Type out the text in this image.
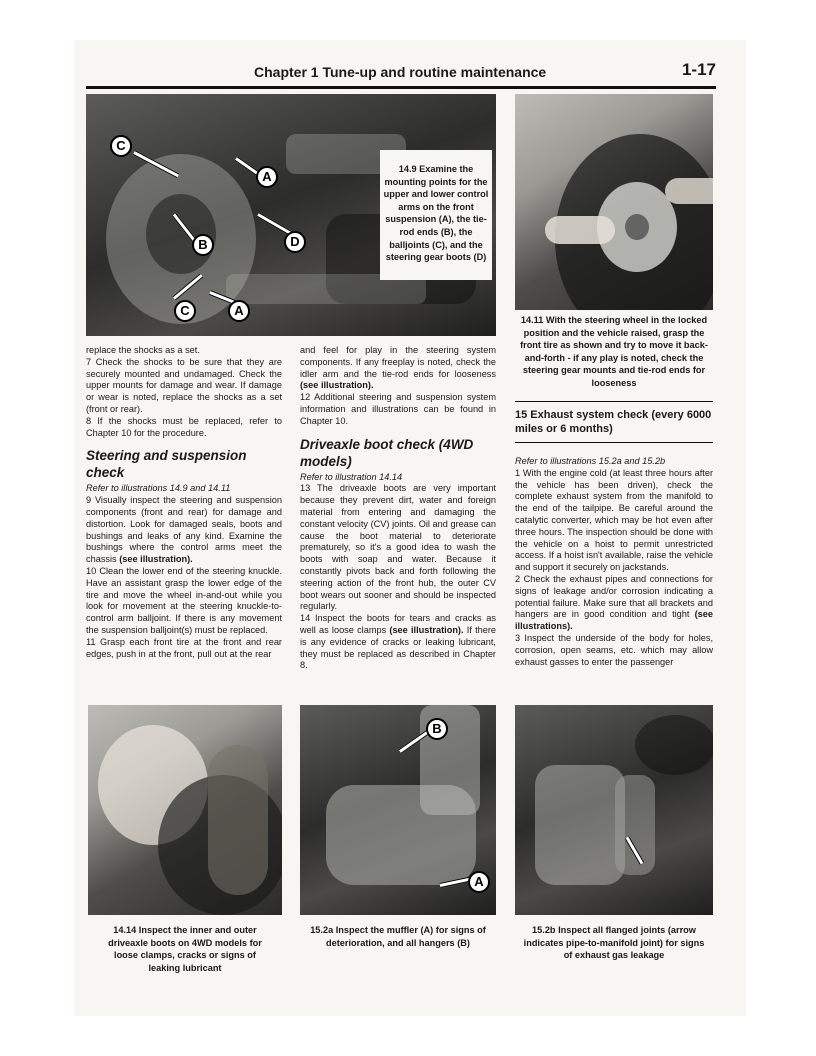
Chapter 1 Tune-up and routine maintenance	1-17
C
A
B	D
C	A
14.9 Examine the mounting points for the upper and lower control arms on the front suspension (A), the tie-rod ends (B), the balljoints (C), and the steering gear boots (D)
14.11 With the steering wheel in the locked position and the vehicle raised, grasp the front tire as shown and try to move it back-and-forth - if any play is noted, check the steering gear mounts and tie-rod ends for looseness

replace the shocks as a set.

7 Check the shocks to be sure that they are securely mounted and undamaged. Check the upper mounts for damage and wear. If damage or wear is noted, replace the shocks as a set (front or rear).

8 If the shocks must be replaced, refer to Chapter 10 for the procedure.

Steering and suspension check

Refer to illustrations 14.9 and 14.11

9 Visually inspect the steering and suspension components (front and rear) for damage and distortion. Look for damaged seals, boots and bushings and leaks of any kind. Examine the bushings where the control arms meet the chassis (see illustration).

10 Clean the lower end of the steering knuckle. Have an assistant grasp the lower edge of the tire and move the wheel in-and-out while you look for movement at the steering knuckle-to-control arm balljoint. If there is any movement the suspension balljoint(s) must be replaced.

11 Grasp each front tire at the front and rear edges, push in at the front, pull out at the rear

and feel for play in the steering system components. If any freeplay is noted, check the idler arm and the tie-rod ends for looseness (see illustration).

12 Additional steering and suspension system information and illustrations can be found in Chapter 10.

Driveaxle boot check (4WD models)

Refer to illustration 14.14

13 The driveaxle boots are very important because they prevent dirt, water and foreign material from entering and damaging the constant velocity (CV) joints. Oil and grease can cause the boot material to deteriorate prematurely, so it's a good idea to wash the boots with soap and water. Because it constantly pivots back and forth following the steering action of the front hub, the outer CV boot wears out sooner and should be inspected regularly.

14 Inspect the boots for tears and cracks as well as loose clamps (see illustration). If there is any evidence of cracks or leaking lubricant, they must be replaced as described in Chapter 8.

15 Exhaust system check (every 6000 miles or 6 months)

Refer to illustrations 15.2a and 15.2b

1 With the engine cold (at least three hours after the vehicle has been driven), check the complete exhaust system from the manifold to the end of the tailpipe. Be careful around the catalytic converter, which may be hot even after three hours. The inspection should be done with the vehicle on a hoist to permit unrestricted access. If a hoist isn't available, raise the vehicle and support it securely on jackstands.

2 Check the exhaust pipes and connections for signs of leakage and/or corrosion indicating a potential failure. Make sure that all brackets and hangers are in good condition and tight (see illustrations).

3 Inspect the underside of the body for holes, corrosion, open seams, etc. which may allow exhaust gasses to enter the passenger

14.14 Inspect the inner and outer driveaxle boots on 4WD models for loose clamps, cracks or signs of leaking lubricant
B
A
15.2a Inspect the muffler (A) for signs of deterioration, and all hangers (B)
15.2b Inspect all flanged joints (arrow indicates pipe-to-manifold joint) for signs of exhaust gas leakage
